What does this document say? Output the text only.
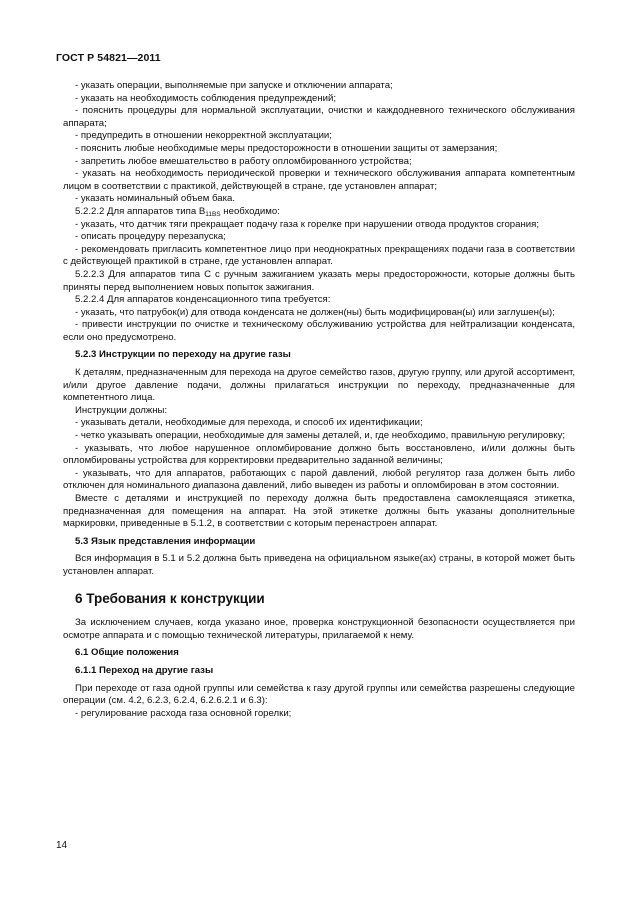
ГОСТ Р 54821—2011

- указать операции, выполняемые при запуске и отключении аппарата;

- указать на необходимость соблюдения предупреждений;

- пояснить процедуры для нормальной эксплуатации, очистки и каждодневного технического обслуживания аппарата;

- предупредить в отношении некорректной эксплуатации;

- пояснить любые необходимые меры предосторожности в отношении защиты от замерзания;

- запретить любое вмешательство в работу опломбированного устройства;

- указать на необходимость периодической проверки и технического обслуживания аппарата компетентным лицом в соответствии с практикой, действующей в стране, где установлен аппарат;

- указать номинальный объем бака.

5.2.2.2 Для аппаратов типа $В_{11BS}$ необходимо:

- указать, что датчик тяги прекращает подачу газа к горелке при нарушении отвода продуктов сгорания;

- описать процедуру перезапуска;

- рекомендовать пригласить компетентное лицо при неоднократных прекращениях подачи газа в соответствии с действующей практикой в стране, где установлен аппарат.

5.2.2.3 Для аппаратов типа С с ручным зажиганием указать меры предосторожности, которые должны быть приняты перед выполнением новых попыток зажигания.

5.2.2.4 Для аппаратов конденсационного типа требуется:

- указать, что патрубок(и) для отвода конденсата не должен(ны) быть модифицирован(ы) или заглушен(ы);

- привести инструкции по очистке и техническому обслуживанию устройства для нейтрализации конденсата, если оно предусмотрено.

5.2.3 Инструкции по переходу на другие газы

К деталям, предназначенным для перехода на другое семейство газов, другую группу, или другой ассортимент, и/или другое давление подачи, должны прилагаться инструкции по переходу, предназначенные для компетентного лица.

Инструкции должны:

- указывать детали, необходимые для перехода, и способ их идентификации;

- четко указывать операции, необходимые для замены деталей, и, где необходимо, правильную регулировку;

- указывать, что любое нарушенное опломбирование должно быть восстановлено, и/или должны быть опломбированы устройства для корректировки предварительно заданной величины;

- указывать, что для аппаратов, работающих с парой давлений, любой регулятор газа должен быть либо отключен для номинального диапазона давлений, либо выведен из работы и опломбирован в этом состоянии.

Вместе с деталями и инструкцией по переходу должна быть предоставлена самоклеящаяся этикетка, предназначенная для помещения на аппарат. На этой этикетке должны быть указаны дополнительные маркировки, приведенные в 5.1.2, в соответствии с которым перенастроен аппарат.

5.3 Язык представления информации

Вся информация в 5.1 и 5.2 должна быть приведена на официальном языке(ах) страны, в которой может быть установлен аппарат.

6 Требования к конструкции

За исключением случаев, когда указано иное, проверка конструкционной безопасности осуществляется при осмотре аппарата и с помощью технической литературы, прилагаемой к нему.

6.1 Общие положения

6.1.1 Переход на другие газы

При переходе от газа одной группы или семейства к газу другой группы или семейства разрешены следующие операции (см. 4.2, 6.2.3, 6.2.4, 6.2.6.2.1 и 6.3):

- регулирование расхода газа основной горелки;

14
